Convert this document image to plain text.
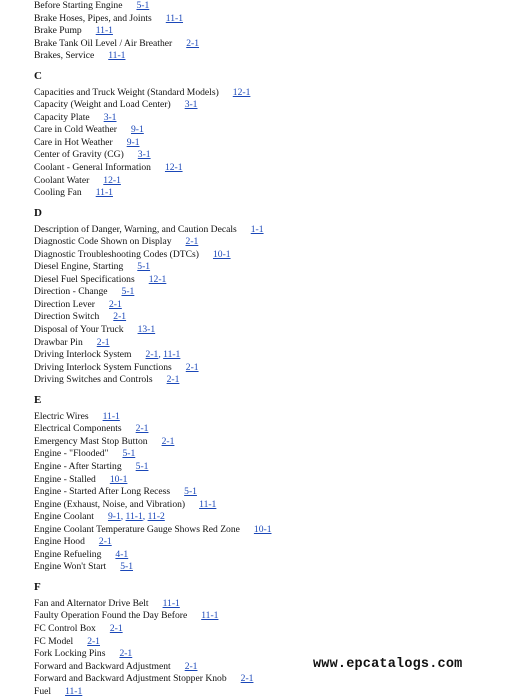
Before Starting Engine 5-1
Brake Hoses, Pipes, and Joints 11-1
Brake Pump 11-1
Brake Tank Oil Level / Air Breather 2-1
Brakes, Service 11-1
C
Capacities and Truck Weight (Standard Models) 12-1
Capacity (Weight and Load Center) 3-1
Capacity Plate 3-1
Care in Cold Weather 9-1
Care in Hot Weather 9-1
Center of Gravity (CG) 3-1
Coolant - General Information 12-1
Coolant Water 12-1
Cooling Fan 11-1
D
Description of Danger, Warning, and Caution Decals 1-1
Diagnostic Code Shown on Display 2-1
Diagnostic Troubleshooting Codes (DTCs) 10-1
Diesel Engine, Starting 5-1
Diesel Fuel Specifications 12-1
Direction - Change 5-1
Direction Lever 2-1
Direction Switch 2-1
Disposal of Your Truck 13-1
Drawbar Pin 2-1
Driving Interlock System 2-1 , 11-1
Driving Interlock System Functions 2-1
Driving Switches and Controls 2-1
E
Electric Wires 11-1
Electrical Components 2-1
Emergency Mast Stop Button 2-1
Engine - "Flooded" 5-1
Engine - After Starting 5-1
Engine - Stalled 10-1
Engine - Started After Long Recess 5-1
Engine (Exhaust, Noise, and Vibration) 11-1
Engine Coolant 9-1 , 11-1 , 11-2
Engine Coolant Temperature Gauge Shows Red Zone 10-1
Engine Hood 2-1
Engine Refueling 4-1
Engine Won't Start 5-1
F
Fan and Alternator Drive Belt 11-1
Faulty Operation Found the Day Before 11-1
FC Control Box 2-1
FC Model 2-1
Fork Locking Pins 2-1
Forward and Backward Adjustment 2-1
Forward and Backward Adjustment Stopper Knob 2-1
Fuel 11-1
www.epcatalogs.com
